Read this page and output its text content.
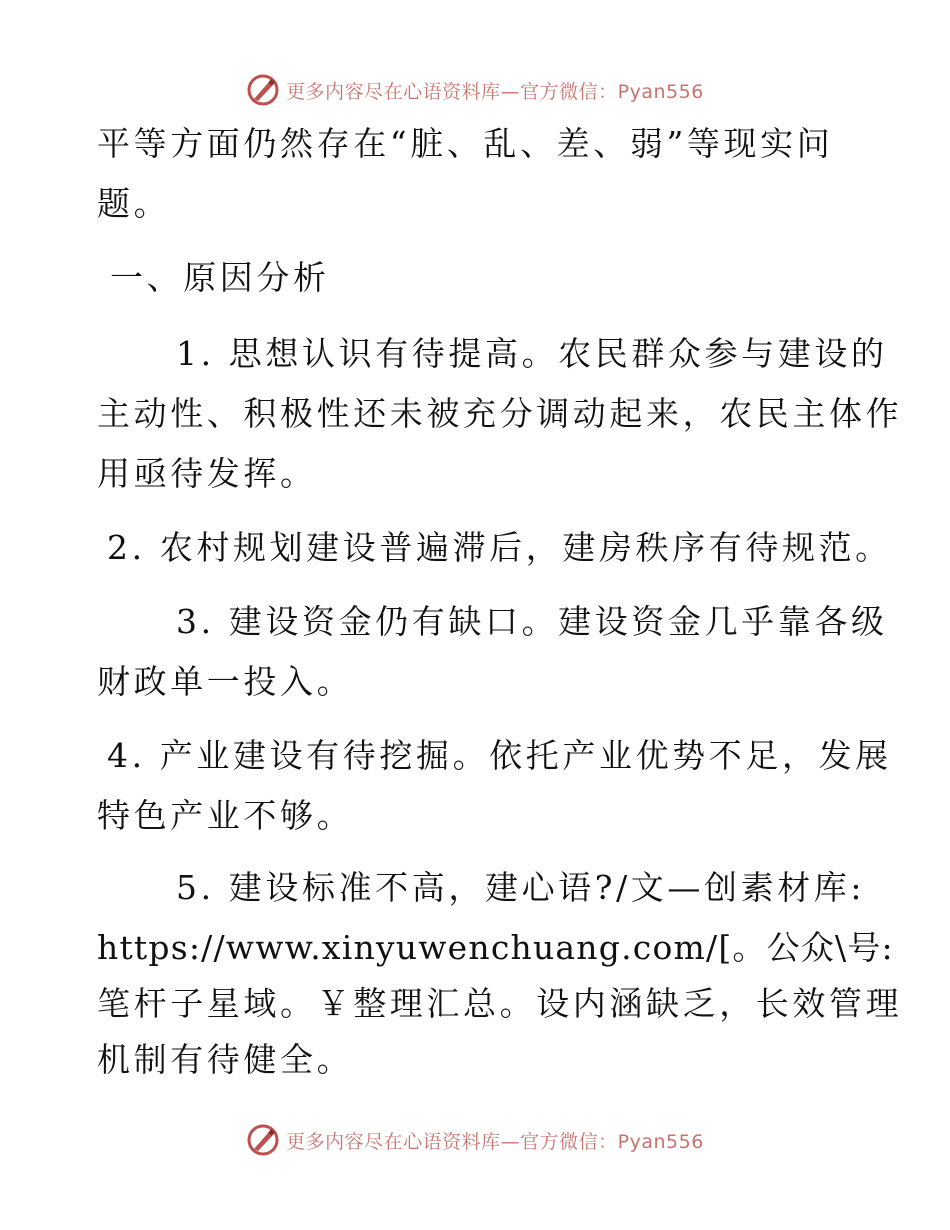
更多内容尽在心语资料库—官方微信：Pyan556
平等方面仍然存在“脏、乱、差、弱”等现实问
题。
一、原因分析
1. 思想认识有待提高。农民群众参与建设的
主动性、积极性还未被充分调动起来，农民主体作
用亟待发挥。
2. 农村规划建设普遍滞后，建房秩序有待规范。
3. 建设资金仍有缺口。建设资金几乎靠各级
财政单一投入。
4. 产业建设有待挖掘。依托产业优势不足，发展
特色产业不够。
5. 建设标准不高，建心语?/文—创素材库:
https://www.xinyuwenchuang.com/[。公众\号:
笔杆子星域。￥整理汇总。设内涵缺乏，长效管理
机制有待健全。
更多内容尽在心语资料库—官方微信：Pyan556
